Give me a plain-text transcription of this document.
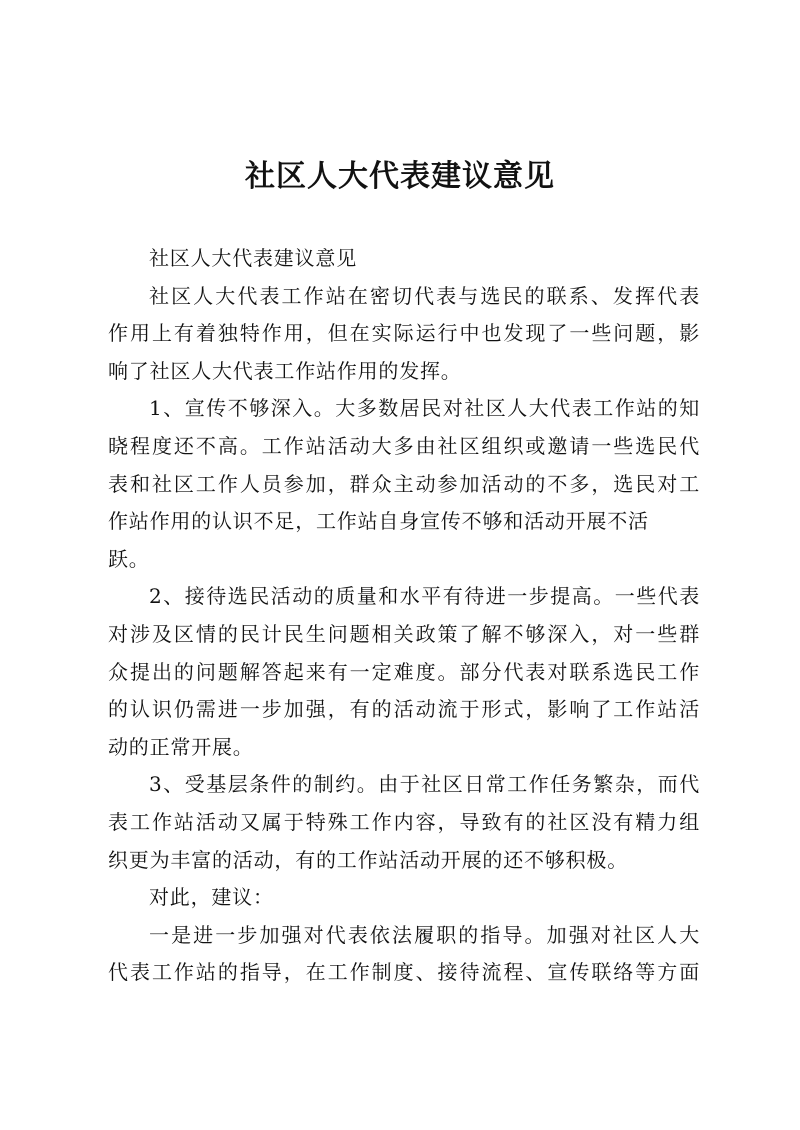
社区人大代表建议意见
社区人大代表建议意见
社区人大代表工作站在密切代表与选民的联系、发挥代表
作用上有着独特作用，但在实际运行中也发现了一些问题，影
响了社区人大代表工作站作用的发挥。
1、宣传不够深入。大多数居民对社区人大代表工作站的知
晓程度还不高。工作站活动大多由社区组织或邀请一些选民代
表和社区工作人员参加，群众主动参加活动的不多，选民对工
作站作用的认识不足，工作站自身宣传不够和活动开展不活
跃。
2、接待选民活动的质量和水平有待进一步提高。一些代表
对涉及区情的民计民生问题相关政策了解不够深入，对一些群
众提出的问题解答起来有一定难度。部分代表对联系选民工作
的认识仍需进一步加强，有的活动流于形式，影响了工作站活
动的正常开展。
3、受基层条件的制约。由于社区日常工作任务繁杂，而代
表工作站活动又属于特殊工作内容，导致有的社区没有精力组
织更为丰富的活动，有的工作站活动开展的还不够积极。
对此，建议：
一是进一步加强对代表依法履职的指导。加强对社区人大
代表工作站的指导，在工作制度、接待流程、宣传联络等方面
